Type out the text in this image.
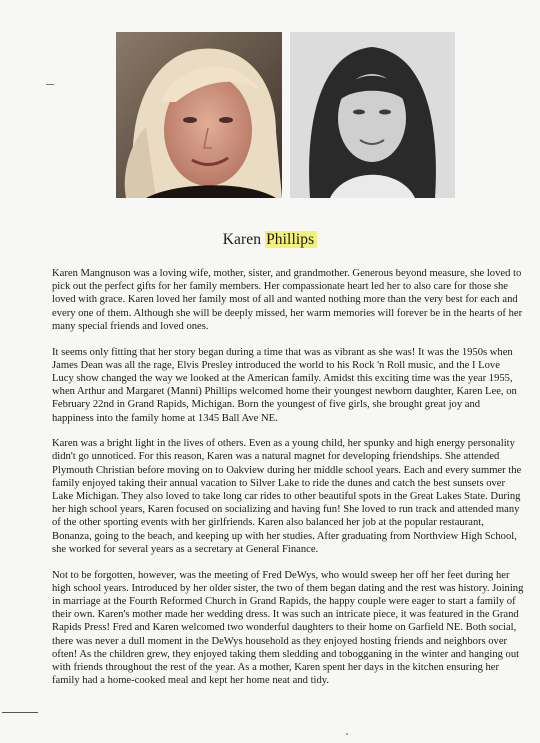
Karen Phillips

Karen Mangnuson was a loving wife, mother, sister, and grandmother. Generous beyond measure, she loved to pick out the perfect gifts for her family members. Her compassionate heart led her to also care for those she loved with grace. Karen loved her family most of all and wanted nothing more than the very best for each and every one of them. Although she will be deeply missed, her warm memories will forever be in the hearts of her many special friends and loved ones.

It seems only fitting that her story began during a time that was as vibrant as she was! It was the 1950s when James Dean was all the rage, Elvis Presley introduced the world to his Rock 'n Roll music, and the I Love Lucy show changed the way we looked at the American family. Amidst this exciting time was the year 1955, when Arthur and Margaret (Manni) Phillips welcomed home their youngest newborn daughter, Karen Lee, on February 22nd in Grand Rapids, Michigan. Born the youngest of five girls, she brought great joy and happiness into the family home at 1345 Ball Ave NE.

Karen was a bright light in the lives of others. Even as a young child, her spunky and high energy personality didn't go unnoticed. For this reason, Karen was a natural magnet for developing friendships. She attended Plymouth Christian before moving on to Oakview during her middle school years. Each and every summer the family enjoyed taking their annual vacation to Silver Lake to ride the dunes and catch the best sunsets over Lake Michigan. They also loved to take long car rides to other beautiful spots in the Great Lakes State. During her high school years, Karen focused on socializing and having fun! She loved to run track and attended many of the other sporting events with her girlfriends. Karen also balanced her job at the popular restaurant, Bonanza, going to the beach, and keeping up with her studies. After graduating from Northview High School, she worked for several years as a secretary at General Finance.

Not to be forgotten, however, was the meeting of Fred DeWys, who would sweep her off her feet during her high school years. Introduced by her older sister, the two of them began dating and the rest was history. Joining in marriage at the Fourth Reformed Church in Grand Rapids, the happy couple were eager to start a family of their own. Karen's mother made her wedding dress. It was such an intricate piece, it was featured in the Grand Rapids Press! Fred and Karen welcomed two wonderful daughters to their home on Garfield NE. Both social, there was never a dull moment in the DeWys household as they enjoyed hosting friends and neighbors over often! As the children grew, they enjoyed taking them sledding and tobogganing in the winter and hanging out with friends throughout the rest of the year. As a mother, Karen spent her days in the kitchen ensuring her family had a home-cooked meal and kept her home neat and tidy.
